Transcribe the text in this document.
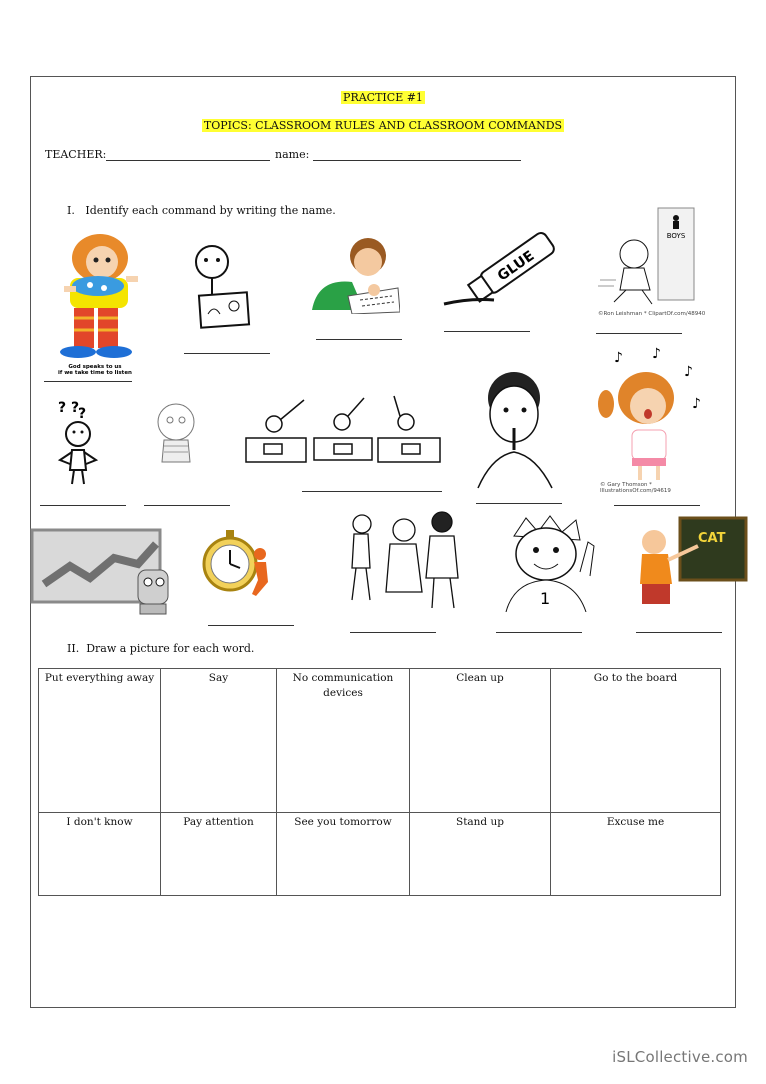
PRACTICE #1
TOPICS: CLASSROOM RULES AND CLASSROOM COMMANDS
TEACHER:	name:
I. Identify each command by writing the name.
God speaks to us
if we take time to listen
GLUE
BOYS
©Ron Leishman * ClipartOf.com/48940
? ?
?
♪ ♪
♪
♪
© Gary Thomson * IllustrationsOf.com/94619
1
CAT
II. Draw a picture for each word.
Put everything away	Say	No communication devices	Clean up	Go to the board
I don't know	Pay attention	See you tomorrow	Stand up	Excuse me
iSLCollective.com
